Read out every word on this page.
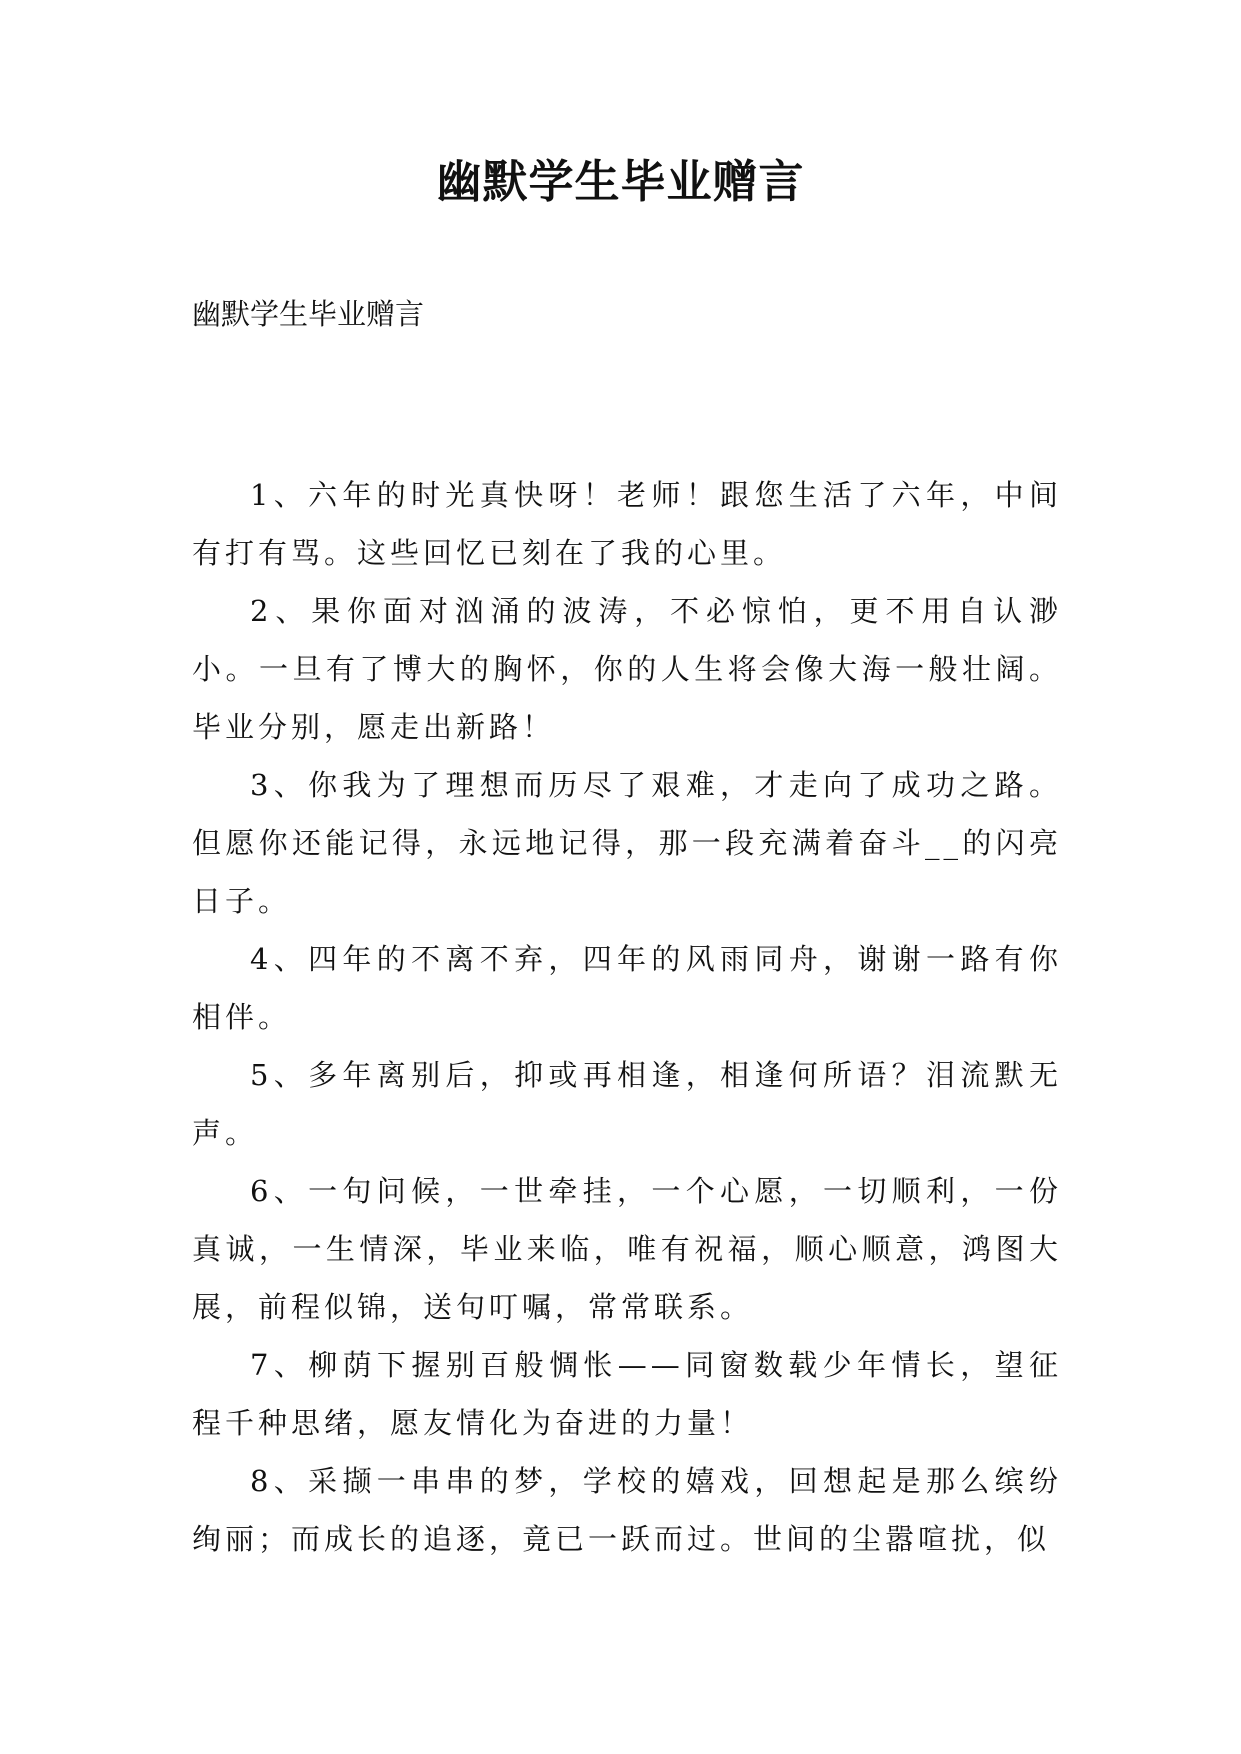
幽默学生毕业赠言

幽默学生毕业赠言

1、六年的时光真快呀！老师！跟您生活了六年，中间有打有骂。这些回忆已刻在了我的心里。

2、果你面对汹涌的波涛，不必惊怕，更不用自认渺小。一旦有了博大的胸怀，你的人生将会像大海一般壮阔。毕业分别，愿走出新路！

3、你我为了理想而历尽了艰难，才走向了成功之路。但愿你还能记得，永远地记得，那一段充满着奋斗__的闪亮日子。

4、四年的不离不弃，四年的风雨同舟，谢谢一路有你相伴。

5、多年离别后，抑或再相逢，相逢何所语？泪流默无声。

6、一句问候，一世牵挂，一个心愿，一切顺利，一份真诚，一生情深，毕业来临，唯有祝福，顺心顺意，鸿图大展，前程似锦，送句叮嘱，常常联系。

7、柳荫下握别百般惆怅——同窗数载少年情长，望征程千种思绪，愿友情化为奋进的力量！

8、采撷一串串的梦，学校的嬉戏，回想起是那么缤纷绚丽；而成长的追逐，竟已一跃而过。世间的尘嚣喧扰，似
